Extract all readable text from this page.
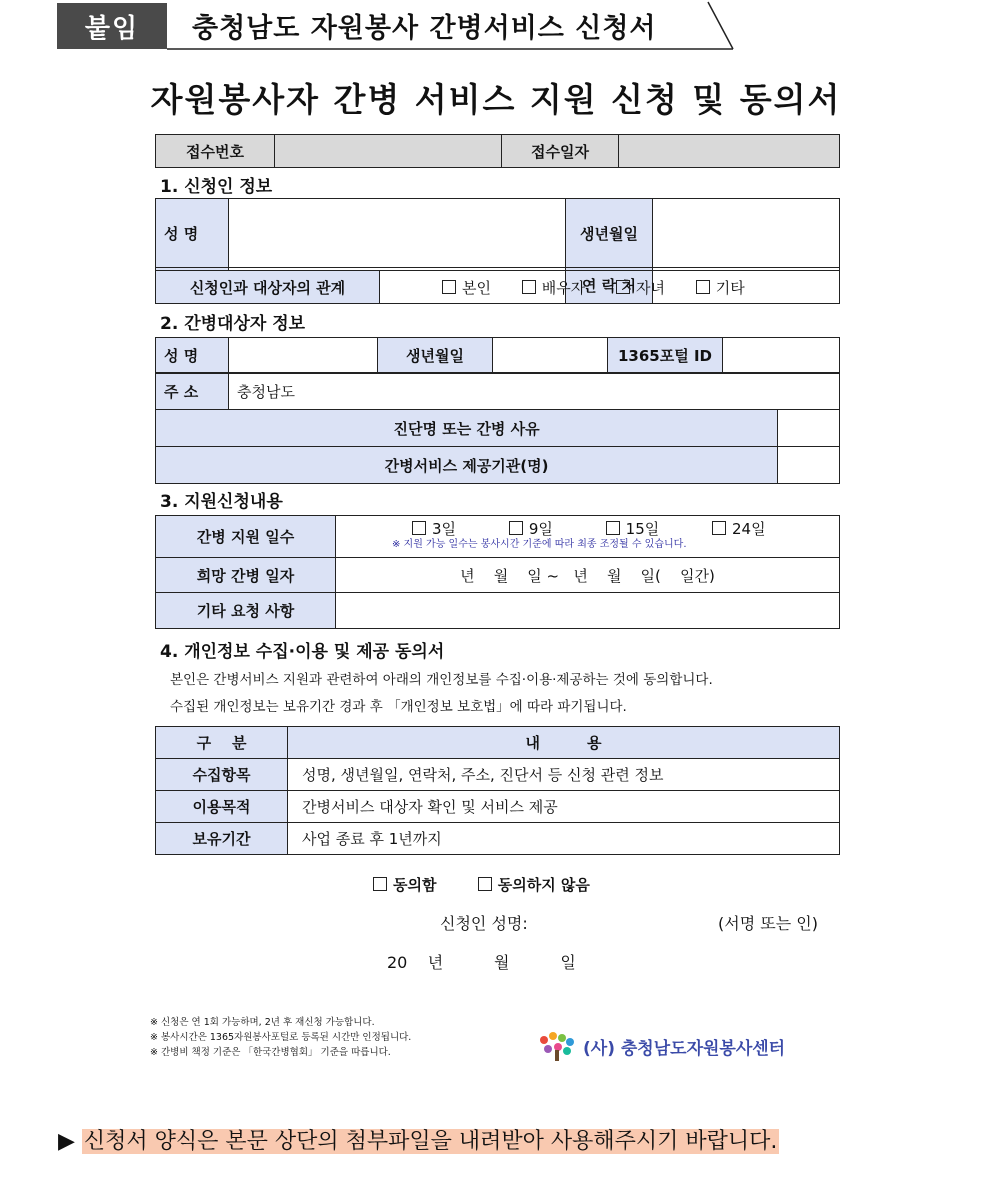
붙임	충청남도 자원봉사 간병서비스 신청서
자원봉사자 간병 서비스 지원 신청 및 동의서
접수번호		접수일자	
1. 신청인 정보
성 명		생년월일	
		연 락 처	
신청인과 대상자의 관계	본인	배우자	자녀	기타
2. 간병대상자 정보
성 명		생년월일		1365포털 ID	
주 소	충청남도	
진단명 또는 간병 사유		
간병서비스 제공기관(명)		
3. 지원신청내용
간병 지원 일수	3일 9일 15일 24일
※ 지원 가능 일수는 봉사시간 기준에 따라 최종 조정될 수 있습니다.

희망 간병 일자	년    월    일 ~   년    월    일(    일간)
기타 요청 사항	
4. 개인정보 수집·이용 및 제공 동의서
본인은 간병서비스 지원과 관련하여 아래의 개인정보를 수집·이용·제공하는 것에 동의합니다.
수집된 개인정보는 보유기간 경과 후 「개인정보 보호법」에 따라 파기됩니다.
구    분	내         용
수집항목	성명, 생년월일, 연락처, 주소, 진단서 등 신청 관련 정보
이용목적	간병서비스 대상자 확인 및 서비스 제공
보유기간	사업 종료 후 1년까지
동의함	동의하지 않음
신청인 성명:	(서명 또는 인)
20    년          월          일
※ 신청은 연 1회 가능하며, 2년 후 재신청 가능합니다.
※ 봉사시간은 1365자원봉사포털로 등록된 시간만 인정됩니다.
※ 간병비 책정 기준은 「한국간병협회」 기준을 따릅니다.	(사) 충청남도자원봉사센터
▶ 신청서 양식은 본문 상단의 첨부파일을 내려받아 사용해주시기 바랍니다.
